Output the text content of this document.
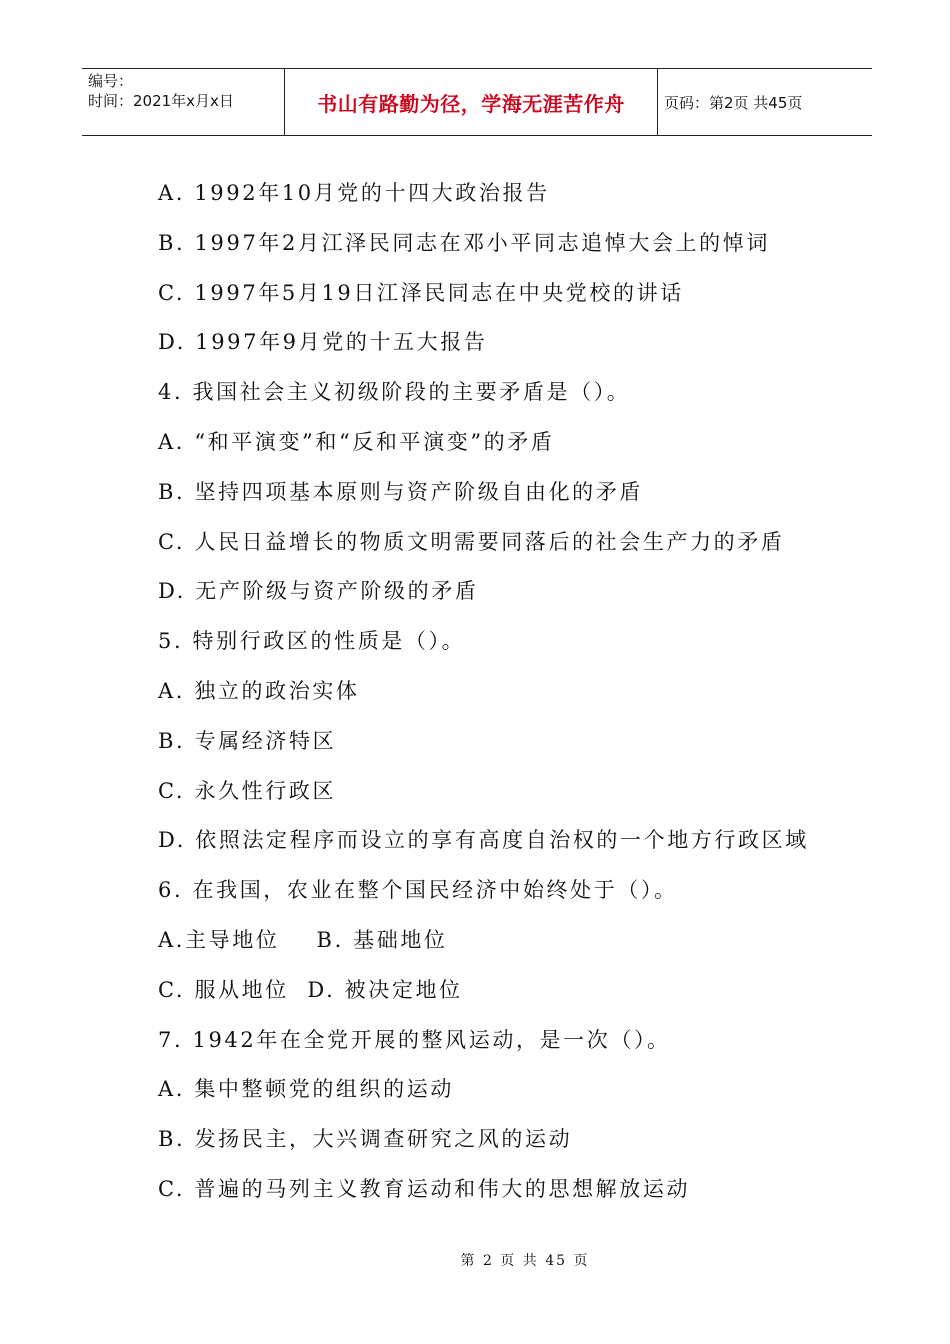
编号：
时间：2021年x月x日	书山有路勤为径，学海无涯苦作舟	页码：第2页 共45页
A. 1992年10月党的十四大政治报告
B. 1997年2月江泽民同志在邓小平同志追悼大会上的悼词
C. 1997年5月19日江泽民同志在中央党校的讲话
D. 1997年9月党的十五大报告
4. 我国社会主义初级阶段的主要矛盾是（）。
A. “和平演变”和“反和平演变”的矛盾
B. 坚持四项基本原则与资产阶级自由化的矛盾
C. 人民日益增长的物质文明需要同落后的社会生产力的矛盾
D. 无产阶级与资产阶级的矛盾
5. 特别行政区的性质是（）。
A. 独立的政治实体
B. 专属经济特区
C. 永久性行政区
D. 依照法定程序而设立的享有高度自治权的一个地方行政区域
6. 在我国，农业在整个国民经济中始终处于（）。
A.主导地位    B. 基础地位
C. 服从地位  D. 被决定地位
7. 1942年在全党开展的整风运动，是一次（）。
A. 集中整顿党的组织的运动
B. 发扬民主，大兴调查研究之风的运动
C. 普遍的马列主义教育运动和伟大的思想解放运动
第 2 页 共 45 页
